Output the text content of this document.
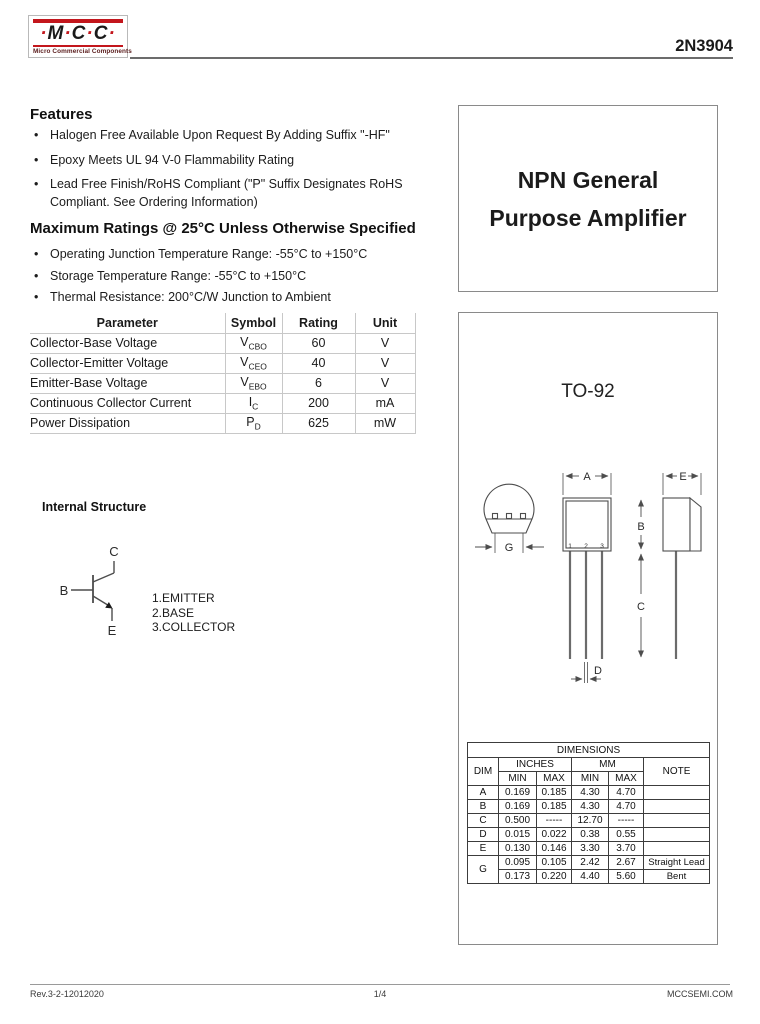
·M·C·C·
Micro Commercial Components	2N3904
Features
• Halogen Free Available Upon Request By Adding Suffix "-HF"
• Epoxy Meets UL 94 V-0 Flammability Rating
• Lead Free Finish/RoHS Compliant ("P" Suffix Designates RoHS Compliant. See Ordering Information)
Maximum Ratings @ 25°C Unless Otherwise Specified
• Operating Junction Temperature Range: -55°C to +150°C
• Storage Temperature Range: -55°C to +150°C
• Thermal Resistance: 200°C/W Junction to Ambient
Parameter	Symbol	Rating	Unit
Collector-Base Voltage	$V_{CBO}$	60	V
Collector-Emitter Voltage	$V_{CEO}$	40	V
Emitter-Base Voltage	$V_{EBO}$	6	V
Continuous Collector Current	$I_C$	200	mA
Power Dissipation	$P_D$	625	mW
Internal Structure
C
B
E
1.EMITTER
2.BASE
3.COLLECTOR
NPN General
Purpose Amplifier
TO-92
G
A
D
1 2 3
E
B
C
DIMENSIONS					
DIM	INCHES		MM		NOTE
	MIN	MAX	MIN	MAX	
A	0.169	0.185	4.30	4.70	
B	0.169	0.185	4.30	4.70	
C	0.500	-----	12.70	-----	
D	0.015	0.022	0.38	0.55	
E	0.130	0.146	3.30	3.70	
G	0.095	0.105	2.42	2.67	Straight Lead
	0.173	0.220	4.40	5.60	Bent
Rev.3-2-12012020	1/4	MCCSEMI.COM
